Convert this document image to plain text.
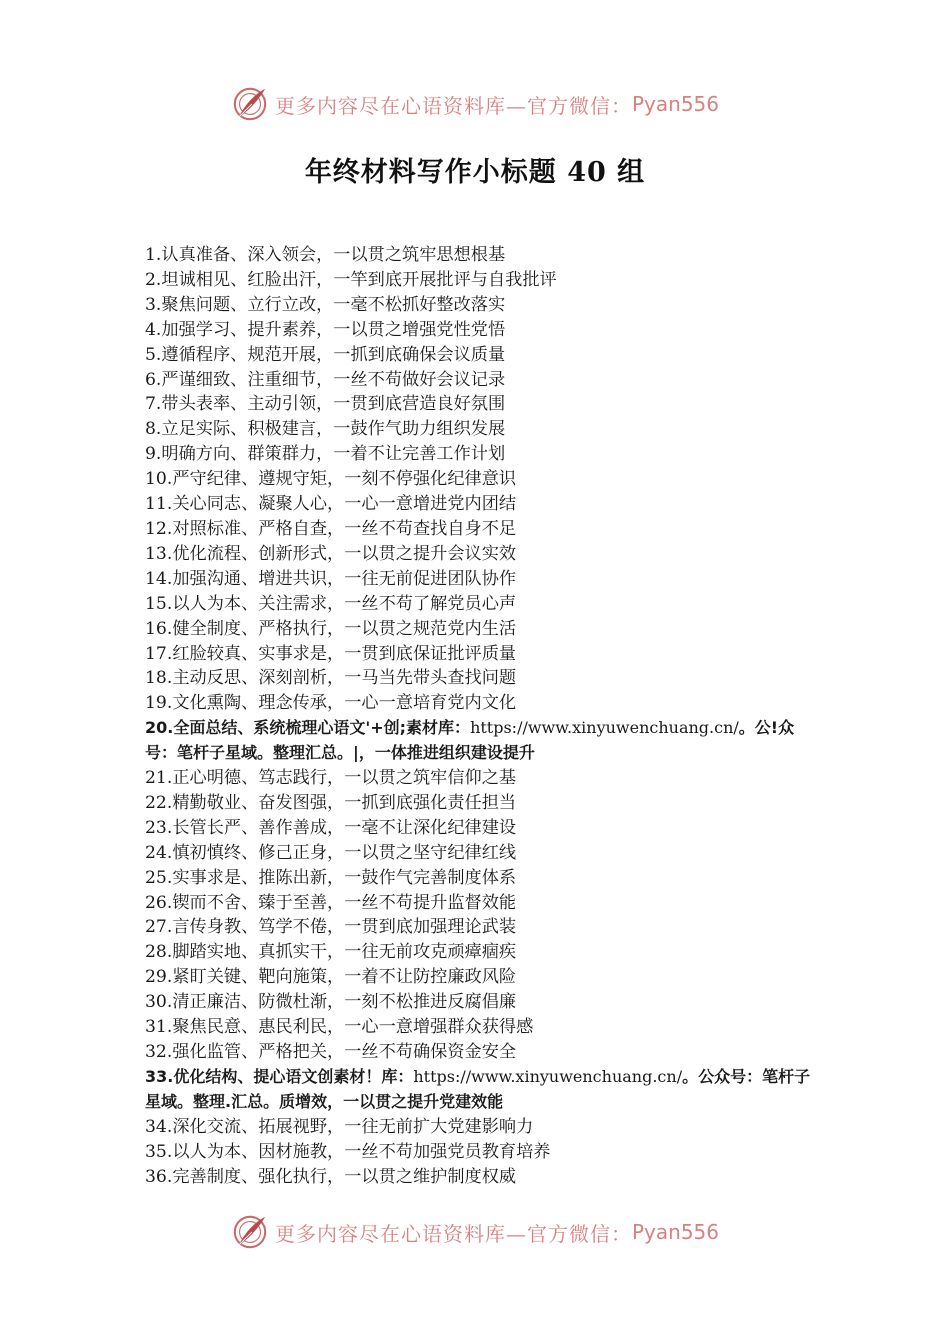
更多内容尽在心语资料库—官方微信： Pyan556
年终材料写作小标题 40 组
1.认真准备、深入领会，一以贯之筑牢思想根基
2.坦诚相见、红脸出汗，一竿到底开展批评与自我批评
3.聚焦问题、立行立改，一毫不松抓好整改落实
4.加强学习、提升素养，一以贯之增强党性党悟
5.遵循程序、规范开展，一抓到底确保会议质量
6.严谨细致、注重细节，一丝不苟做好会议记录
7.带头表率、主动引领，一贯到底营造良好氛围
8.立足实际、积极建言，一鼓作气助力组织发展
9.明确方向、群策群力，一着不让完善工作计划
10.严守纪律、遵规守矩，一刻不停强化纪律意识
11.关心同志、凝聚人心，一心一意增进党内团结
12.对照标准、严格自查，一丝不苟查找自身不足
13.优化流程、创新形式，一以贯之提升会议实效
14.加强沟通、增进共识，一往无前促进团队协作
15.以人为本、关注需求，一丝不苟了解党员心声
16.健全制度、严格执行，一以贯之规范党内生活
17.红脸较真、实事求是，一贯到底保证批评质量
18.主动反思、深刻剖析，一马当先带头查找问题
19.文化熏陶、理念传承，一心一意培育党内文化
20.全面总结、系统梳理心语文'+创;素材库：https://www.xinyuwenchuang.cn/。公!众号：笔杆子星域。整理汇总。|，一体推进组织建设提升
21.正心明德、笃志践行，一以贯之筑牢信仰之基
22.精勤敬业、奋发图强，一抓到底强化责任担当
23.长管长严、善作善成，一毫不让深化纪律建设
24.慎初慎终、修己正身，一以贯之坚守纪律红线
25.实事求是、推陈出新，一鼓作气完善制度体系
26.锲而不舍、臻于至善，一丝不苟提升监督效能
27.言传身教、笃学不倦，一贯到底加强理论武装
28.脚踏实地、真抓实干，一往无前攻克顽瘴痼疾
29.紧盯关键、靶向施策，一着不让防控廉政风险
30.清正廉洁、防微杜渐，一刻不松推进反腐倡廉
31.聚焦民意、惠民利民，一心一意增强群众获得感
32.强化监管、严格把关，一丝不苟确保资金安全
33.优化结构、提心语文创素材！库：https://www.xinyuwenchuang.cn/。公众号：笔杆子星域。整理.汇总。质增效，一以贯之提升党建效能
34.深化交流、拓展视野，一往无前扩大党建影响力
35.以人为本、因材施教，一丝不苟加强党员教育培养
36.完善制度、强化执行，一以贯之维护制度权威
更多内容尽在心语资料库—官方微信： Pyan556
